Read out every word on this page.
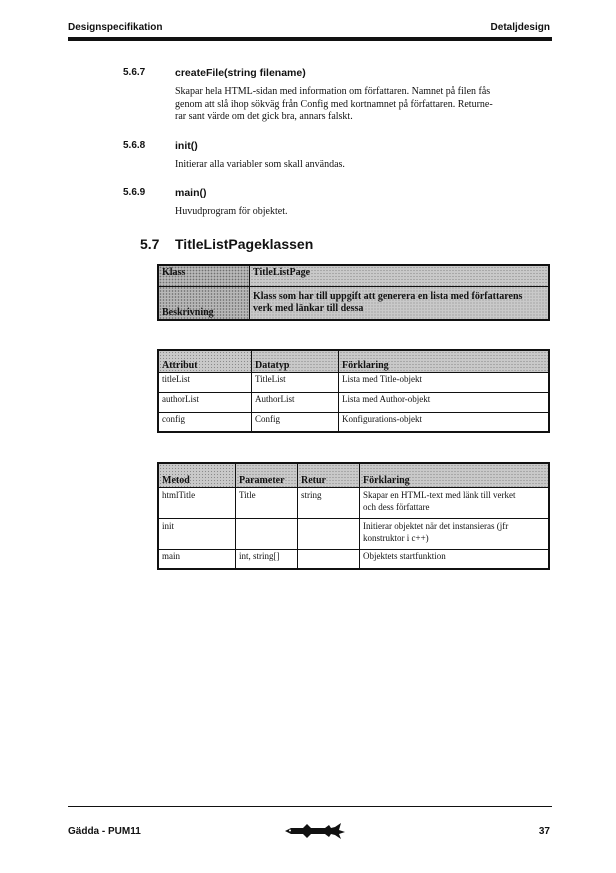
Designspecifikation	Detaljdesign
5.6.7	createFile(string filename)
Skapar hela HTML-sidan med information om författaren. Namnet på filen fås
genom att slå ihop sökväg från Config med kortnamnet på författaren. Returne-
rar sant värde om det gick bra, annars falskt.
5.6.8	init()
Initierar alla variabler som skall användas.
5.6.9	main()
Huvudprogram för objektet.
5.7 TitleListPageklassen
Klass	TitleListPage
Beskrivning	Klass som har till uppgift att generera en lista med författarens
verk med länkar till dessa
Attribut	Datatyp	Förklaring
titleList	TitleList	Lista med Title-objekt
authorList	AuthorList	Lista med Author-objekt
config	Config	Konfigurations-objekt
Metod	Parameter	Retur	Förklaring
htmlTitle	Title	string	Skapar en HTML-text med länk till verket
och dess författare

init			Initierar objektet när det instansieras (jfr
konstruktor i c++)

main	int, string[]		Objektets startfunktion
Gädda - PUM11	37
